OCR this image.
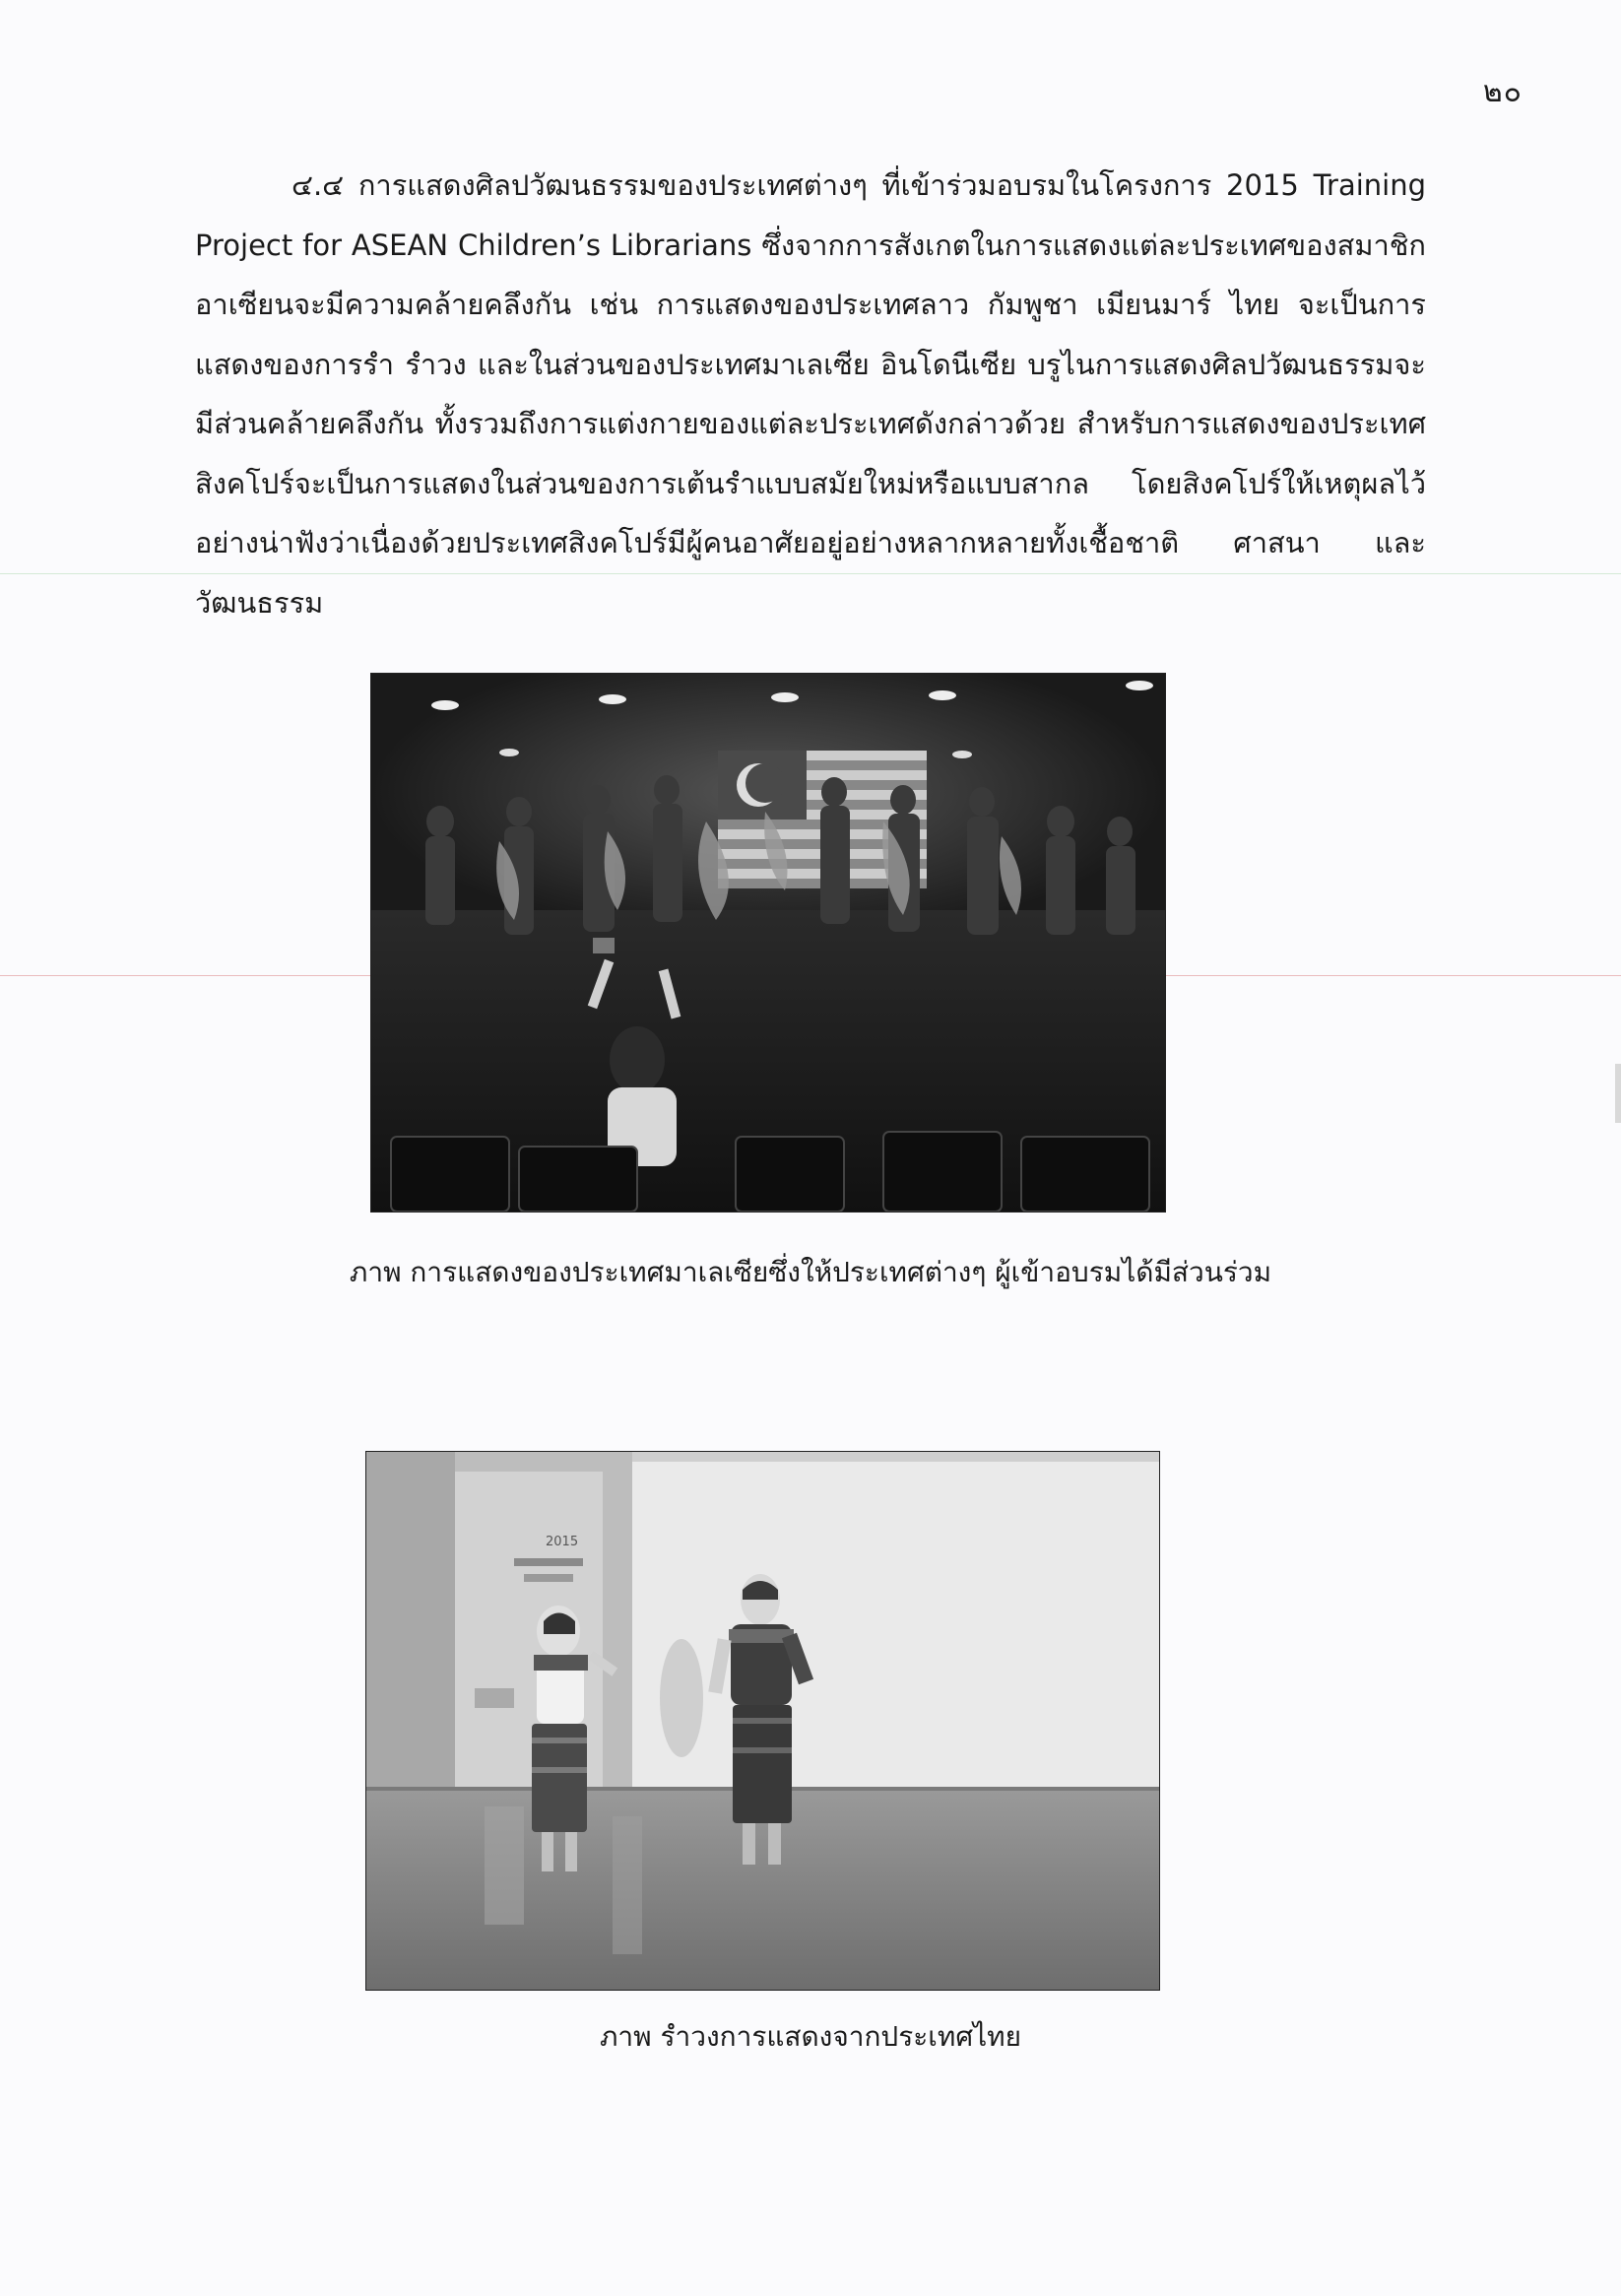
๒๐

๔.๔ การแสดงศิลปวัฒนธรรมของประเทศต่างๆ ที่เข้าร่วมอบรมในโครงการ 2015 Training Project for ASEAN Children’s Librarians ซึ่งจากการสังเกตในการแสดงแต่ละประเทศของสมาชิกอาเซียนจะมีความคล้ายคลึงกัน เช่น การแสดงของประเทศลาว กัมพูชา เมียนมาร์ ไทย จะเป็นการแสดงของการรำ รำวง และในส่วนของประเทศมาเลเซีย อินโดนีเซีย บรูไนการแสดงศิลปวัฒนธรรมจะมีส่วนคล้ายคลึงกัน ทั้งรวมถึงการแต่งกายของแต่ละประเทศดังกล่าวด้วย สำหรับการแสดงของประเทศสิงคโปร์จะเป็นการแสดงในส่วนของการเต้นรำแบบสมัยใหม่หรือแบบสากล โดยสิงคโปร์ให้เหตุผลไว้อย่างน่าฟังว่าเนื่องด้วยประเทศสิงคโปร์มีผู้คนอาศัยอยู่อย่างหลากหลายทั้งเชื้อชาติ ศาสนา และวัฒนธรรม

ภาพ การแสดงของประเทศมาเลเซียซึ่งให้ประเทศต่างๆ ผู้เข้าอบรมได้มีส่วนร่วม

2015

ภาพ รำวงการแสดงจากประเทศไทย
